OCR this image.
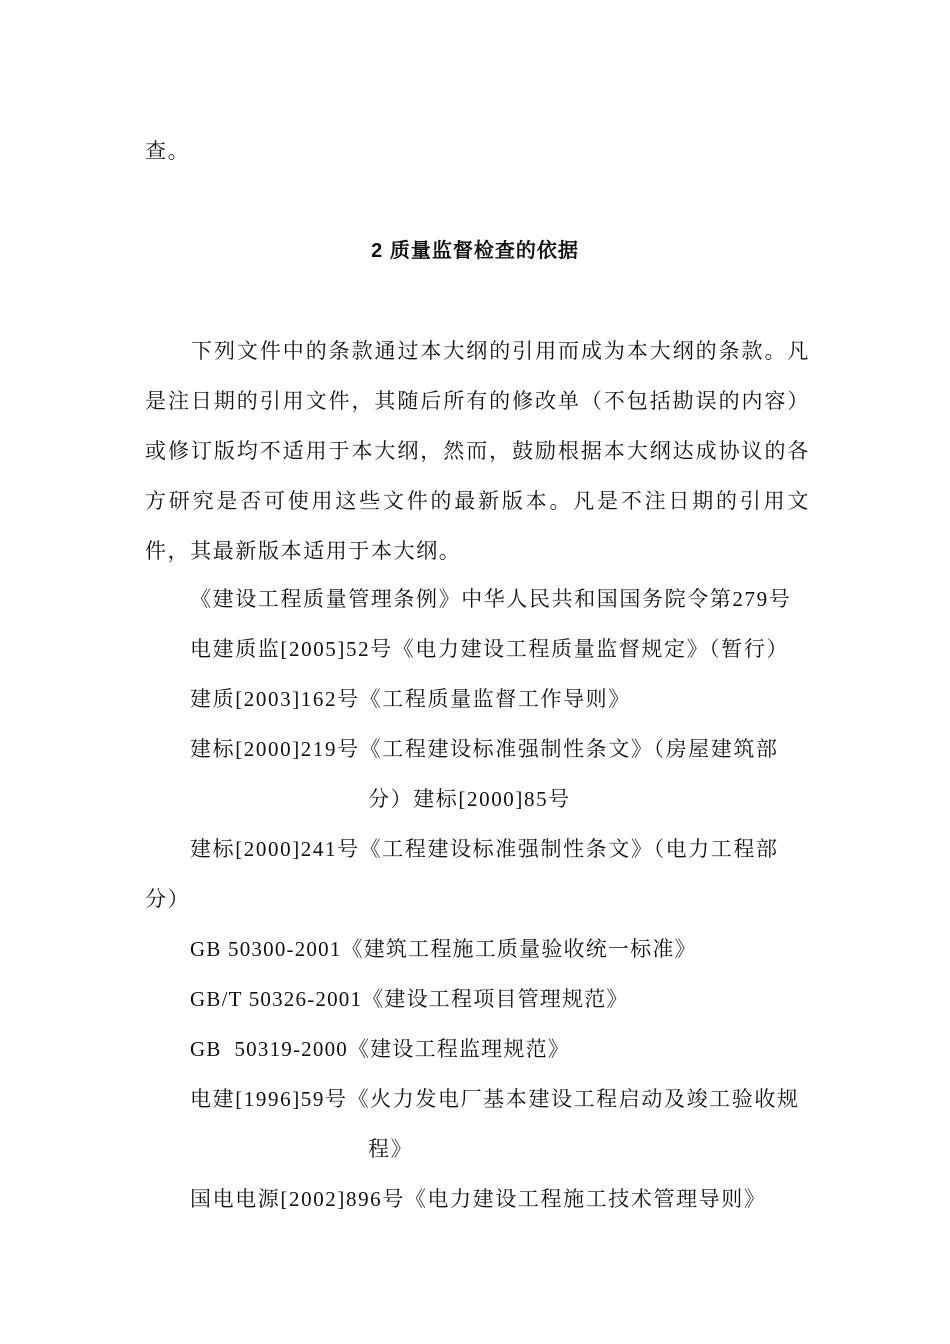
查。
2 质量监督检查的依据

下列文件中的条款通过本大纲的引用而成为本大纲的条款。凡是注日期的引用文件，其随后所有的修改单（不包括勘误的内容）或修订版均不适用于本大纲，然而，鼓励根据本大纲达成协议的各方研究是否可使用这些文件的最新版本。凡是不注日期的引用文件，其最新版本适用于本大纲。

《建设工程质量管理条例》中华人民共和国国务院令第279号
电建质监[2005]52号《电力建设工程质量监督规定》（暂行）
建质[2003]162号《工程质量监督工作导则》
建标[2000]219号《工程建设标准强制性条文》（房屋建筑部
分）建标[2000]85号
建标[2000]241号《工程建设标准强制性条文》（电力工程部
分）
GB 50300-2001《建筑工程施工质量验收统一标准》
GB/T 50326-2001《建设工程项目管理规范》
GB  50319-2000《建设工程监理规范》
电建[1996]59号《火力发电厂基本建设工程启动及竣工验收规
程》
国电电源[2002]896号《电力建设工程施工技术管理导则》
